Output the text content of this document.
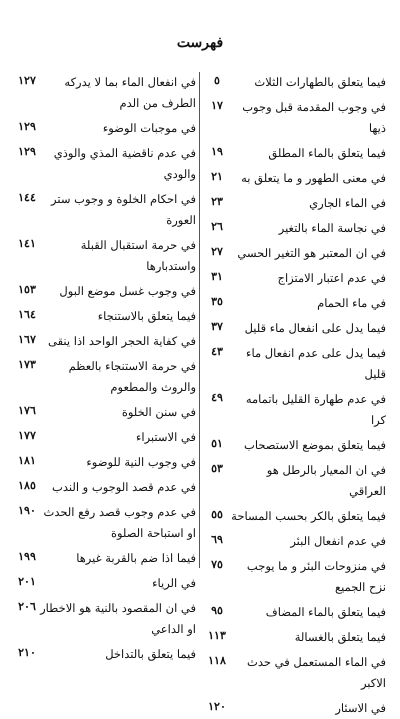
فهرست
٥	فيما يتعلق بالطهارات الثلاث
١٧	في وجوب المقدمة قبل وجوب ذيها
١٩	فيما يتعلق بالماء المطلق
٢١	في معنى الطهور و ما يتعلق به
٢٣	في الماء الجاري
٢٦	في نجاسة الماء بالتغير
٢٧	في ان المعتبر هو التغير الحسي
٣١	في عدم اعتبار الامتزاج
٣٥	في ماء الحمام
٣٧	فيما يدل على انفعال ماء قليل
٤٣	فيما يدل على عدم انفعال ماء قليل
٤٩	في عدم طهارة القليل باتمامه كرا
٥١	فيما يتعلق بموضع الاستصحاب
٥٣	في ان المعيار بالرطل هو العراقي
٥٥ فيما يتعلق بالكر بحسب المساحة
٦٩	في عدم انفعال البئر
٧٥	في منزوحات البئر و ما يوجب نزح الجميع
٩٥	فيما يتعلق بالماء المضاف
١١٣	فيما يتعلق بالغسالة
١١٨	في الماء المستعمل في حدث الاكبر
١٢٠	في الاسئار
١٢٧	في انفعال الماء بما لا يدركه الطرف من الدم
١٢٩	في موجبات الوضوء
١٢٩	في عدم ناقضية المذي والوذي والودي
١٤٤	في احكام الخلوة و وجوب ستر العورة
١٤١	في حرمة استقبال القبلة واستدبارها
١٥٣	في وجوب غسل موضع البول
١٦٤	فيما يتعلق بالاستنجاء
١٦٧	في كفاية الحجر الواحد اذا ينقى
١٧٣	في حرمة الاستنجاء بالعظم والروث والمطعوم
١٧٦	في سنن الخلوة
١٧٧	في الاستبراء
١٨١	في وجوب النية للوضوء
١٨٥	في عدم قصد الوجوب و الندب
١٩٠ في عدم وجوب قصد رفع الحدث او استباحة الصلوة
١٩٩	فيما اذا ضم بالقربة غيرها
٢٠١	في الرياء
٢٠٦ في ان المقصود بالنية هو الاخطار او الداعي
٢١٠	فيما يتعلق بالتداخل
